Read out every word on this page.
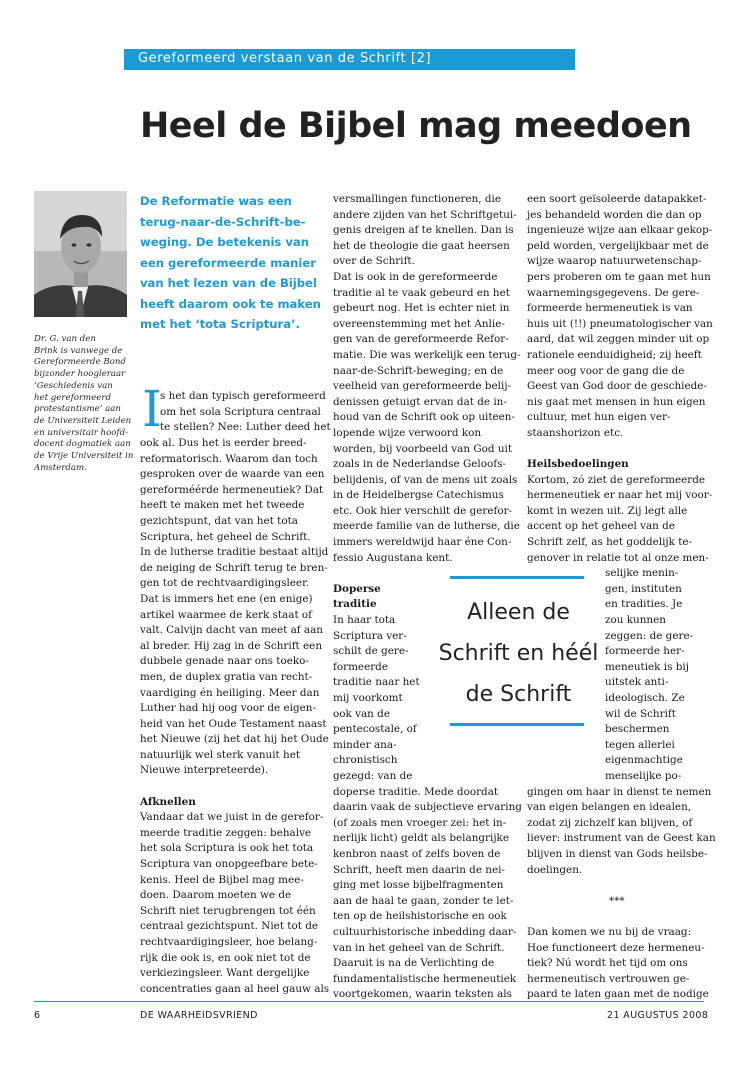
Gereformeerd verstaan van de Schrift [2]
Heel de Bijbel mag meedoen
Dr. G. van den
Brink is vanwege de
Gereformeerde Bond
bijzonder hoogleraar
‘Geschiedenis van
het gereformeerd
protestantisme’ aan
de Universiteit Leiden
en universitair hoofd-
docent dogmatiek aan
de Vrije Universiteit in
Amsterdam.
De Reformatie was een
terug-naar-de-Schrift-be-
weging. De betekenis van
een gereformeerde manier
van het lezen van de Bijbel
heeft daarom ook te maken
met het ‘tota Scriptura’.
I
s het dan typisch gereformeerd
om het sola Scriptura centraal
te stellen? Nee: Luther deed het
ook al. Dus het is eerder breed-
reformatorisch. Waarom dan toch
gesproken over de waarde van een
gereforméérde hermeneutiek? Dat
heeft te maken met het tweede
gezichtspunt, dat van het tota
Scriptura, het geheel de Schrift.
In de lutherse traditie bestaat altijd
de neiging de Schrift terug te bren-
gen tot de rechtvaardigingsleer.
Dat is immers het ene (en enige)
artikel waarmee de kerk staat of
valt. Calvijn dacht van meet af aan
al breder. Hij zag in de Schrift een
dubbele genade naar ons toeko-
men, de duplex gratia van recht-
vaardiging én heiliging. Meer dan
Luther had hij oog voor de eigen-
heid van het Oude Testament naast
het Nieuwe (zij het dat hij het Oude
natuurlijk wel sterk vanuit het
Nieuwe interpreteerde).
Afknellen
Vandaar dat we juist in de gerefor-
meerde traditie zeggen: behalve
het sola Scriptura is ook het tota
Scriptura van onopgeefbare bete-
kenis. Heel de Bijbel mag mee-
doen. Daarom moeten we de
Schrift niet terugbrengen tot één
centraal gezichtspunt. Niet tot de
rechtvaardigingsleer, hoe belang-
rijk die ook is, en ook niet tot de
verkiezingsleer. Want dergelijke
concentraties gaan al heel gauw als
versmallingen functioneren, die
andere zijden van het Schriftgetui-
genis dreigen af te knellen. Dan is
het de theologie die gaat heersen
over de Schrift.
Dat is ook in de gereformeerde
traditie al te vaak gebeurd en het
gebeurt nog. Het is echter niet in
overeenstemming met het Anlie-
gen van de gereformeerde Refor-
matie. Die was werkelijk een terug-
naar-de-Schrift-beweging; en de
veelheid van gereformeerde belij-
denissen getuigt ervan dat de in-
houd van de Schrift ook op uiteen-
lopende wijze verwoord kon
worden, bij voorbeeld van God uit
zoals in de Nederlandse Geloofs-
belijdenis, of van de mens uit zoals
in de Heidelbergse Catechismus
etc. Ook hier verschilt de gerefor-
meerde familie van de lutherse, die
immers wereldwijd haar éne Con-
fessio Augustana kent.
Doperse
traditie
In haar tota
Scriptura ver-
schilt de gere-
formeerde
traditie naar het
mij voorkomt
ook van de
pentecostale, of
minder ana-
chronistisch
gezegd: van de
doperse traditie. Mede doordat
daarin vaak de subjectieve ervaring
(of zoals men vroeger zei: het in-
nerlijk licht) geldt als belangrijke
kenbron naast of zelfs boven de
Schrift, heeft men daarin de nei-
ging met losse bijbelfragmenten
aan de haal te gaan, zonder te let-
ten op de heilshistorische en ook
cultuurhistorische inbedding daar-
van in het geheel van de Schrift.
Daaruit is na de Verlichting de
fundamentalistische hermeneutiek
voortgekomen, waarin teksten als
een soort geïsoleerde datapakket-
jes behandeld worden die dan op
ingenieuze wijze aan elkaar gekop-
peld worden, vergelijkbaar met de
wijze waarop natuurwetenschap-
pers proberen om te gaan met hun
waarnemingsgegevens. De gere-
formeerde hermeneutiek is van
huis uit (!!) pneumatologischer van
aard, dat wil zeggen minder uit op
rationele eenduidigheid; zij heeft
meer oog voor de gang die de
Geest van God door de geschiede-
nis gaat met mensen in hun eigen
cultuur, met hun eigen ver-
staanshorizon etc.
Heilsbedoelingen
Kortom, zó ziet de gereformeerde
hermeneutiek er naar het mij voor-
komt in wezen uit. Zij legt alle
accent op het geheel van de
Schrift zelf, as het goddelijk te-
genover in relatie tot al onze men-
selijke menin-
gen, instituten
en tradities. Je
zou kunnen
zeggen: de gere-
formeerde her-
meneutiek is bij
uitstek anti-
ideologisch. Ze
wil de Schrift
beschermen
tegen allerlei
eigenmachtige
menselijke po-
gingen om haar in dienst te nemen
van eigen belangen en idealen,
zodat zij zichzelf kan blijven, of
liever: instrument van de Geest kan
blijven in dienst van Gods heilsbe-
doelingen.
***
Dan komen we nu bij de vraag:
Hoe functioneert deze hermeneu-
tiek? Nú wordt het tijd om ons
hermeneutisch vertrouwen ge-
paard te laten gaan met de nodige
Alleen de
Schrift en héél
de Schrift
6	DE WAARHEIDSVRIEND	21 AUGUSTUS 2008
